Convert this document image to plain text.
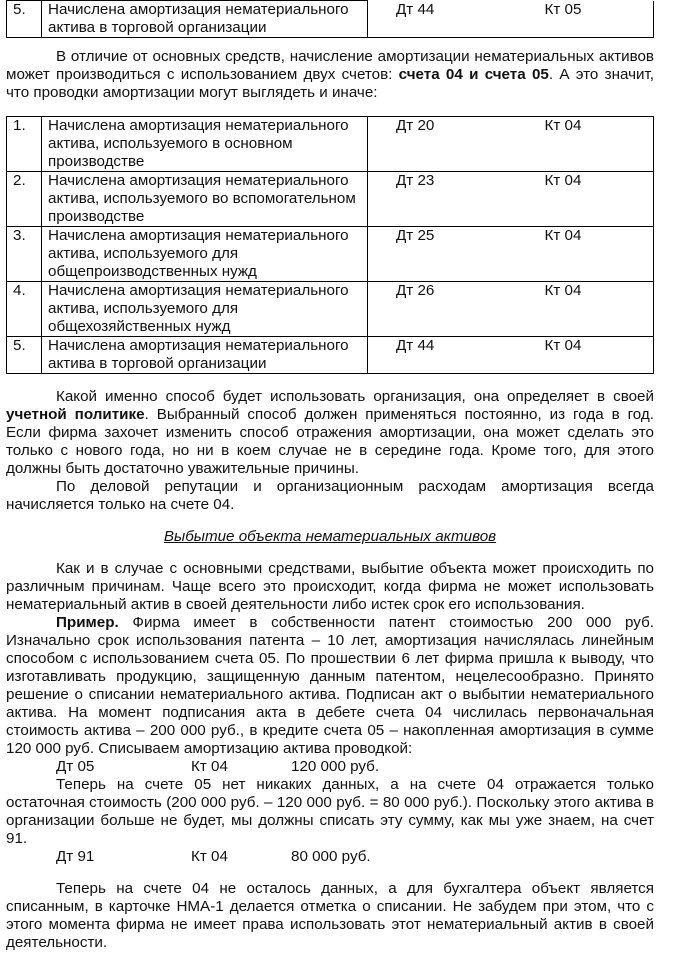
5.	Начислена амортизация нематериального актива в торговой организации	Дт 44	Кт 05

В отличие от основных средств, начисление амортизации нематериальных активов может производиться с использованием двух счетов: счета 04 и счета 05. А это значит, что проводки амортизации могут выглядеть и иначе:

1.	Начислена амортизация нематериального актива, используемого в основном производстве	Дт 20	Кт 04
2.	Начислена амортизация нематериального актива, используемого во вспомогательном производстве	Дт 23	Кт 04
3.	Начислена амортизация нематериального актива, используемого для общепроизводственных нужд	Дт 25	Кт 04
4.	Начислена амортизация нематериального актива, используемого для общехозяйственных нужд	Дт 26	Кт 04
5.	Начислена амортизация нематериального актива в торговой организации	Дт 44	Кт 04

Какой именно способ будет использовать организация, она определяет в своей учетной политике. Выбранный способ должен применяться постоянно, из года в год. Если фирма захочет изменить способ отражения амортизации, она может сделать это только с нового года, но ни в коем случае не в середине года. Кроме того, для этого должны быть достаточно уважительные причины.

По деловой репутации и организационным расходам амортизация всегда начисляется только на счете 04.

Выбытие объекта нематериальных активов

Как и в случае с основными средствами, выбытие объекта может происходить по различным причинам. Чаще всего это происходит, когда фирма не может использовать нематериальный актив в своей деятельности либо истек срок его использования.

Пример. Фирма имеет в собственности патент стоимостью 200 000 руб. Изначально срок использования патента – 10 лет, амортизация начислялась линейным способом с использованием счета 05. По прошествии 6 лет фирма пришла к выводу, что изготавливать продукцию, защищенную данным патентом, нецелесообразно. Принято решение о списании нематериального актива. Подписан акт о выбытии нематериального актива. На момент подписания акта в дебете счета 04 числилась первоначальная стоимость актива – 200 000 руб., в кредите счета 05 – накопленная амортизация в сумме 120 000 руб. Списываем амортизацию актива проводкой:

Дт 05	Кт 04	120 000 руб.

Теперь на счете 05 нет никаких данных, а на счете 04 отражается только остаточная стоимость (200 000 руб. – 120 000 руб. = 80 000 руб.). Поскольку этого актива в организации больше не будет, мы должны списать эту сумму, как мы уже знаем, на счет 91.

Дт 91	Кт 04	80 000 руб.

Теперь на счете 04 не осталось данных, а для бухгалтера объект является списанным, в карточке НМА-1 делается отметка о списании. Не забудем при этом, что с этого момента фирма не имеет права использовать этот нематериальный актив в своей деятельности.
